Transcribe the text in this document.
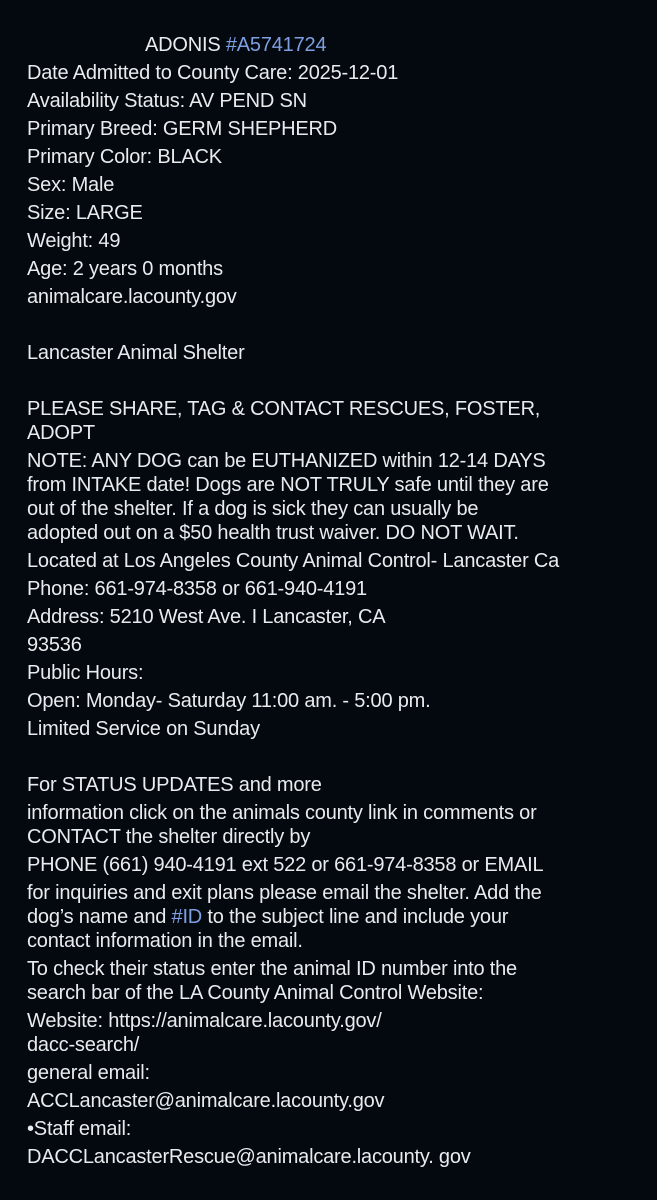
ADONIS #A5741724
Date Admitted to County Care: 2025-12-01
Availability Status: AV PEND SN
Primary Breed: GERM SHEPHERD
Primary Color: BLACK
Sex: Male
Size: LARGE
Weight: 49
Age: 2 years 0 months
animalcare.lacounty.gov

Lancaster Animal Shelter

PLEASE SHARE, TAG & CONTACT RESCUES, FOSTER,
ADOPT
NOTE: ANY DOG can be EUTHANIZED within 12-14 DAYS
from INTAKE date! Dogs are NOT TRULY safe until they are
out of the shelter. If a dog is sick they can usually be
adopted out on a $50 health trust waiver. DO NOT WAIT.
Located at Los Angeles County Animal Control- Lancaster Ca
Phone: 661-974-8358 or 661-940-4191
Address: 5210 West Ave. I Lancaster, CA
93536
Public Hours:
Open: Monday- Saturday 11:00 am. - 5:00 pm.
Limited Service on Sunday

For STATUS UPDATES and more
information click on the animals county link in comments or
CONTACT the shelter directly by
PHONE (661) 940-4191 ext 522 or 661-974-8358 or EMAIL
for inquiries and exit plans please email the shelter. Add the
dog’s name and #ID to the subject line and include your
contact information in the email.
To check their status enter the animal ID number into the
search bar of the LA County Animal Control Website:
Website: https://animalcare.lacounty.gov/
dacc-search/
general email:
ACCLancaster@animalcare.lacounty.gov
•Staff email:
DACCLancasterRescue@animalcare.lacounty. gov
